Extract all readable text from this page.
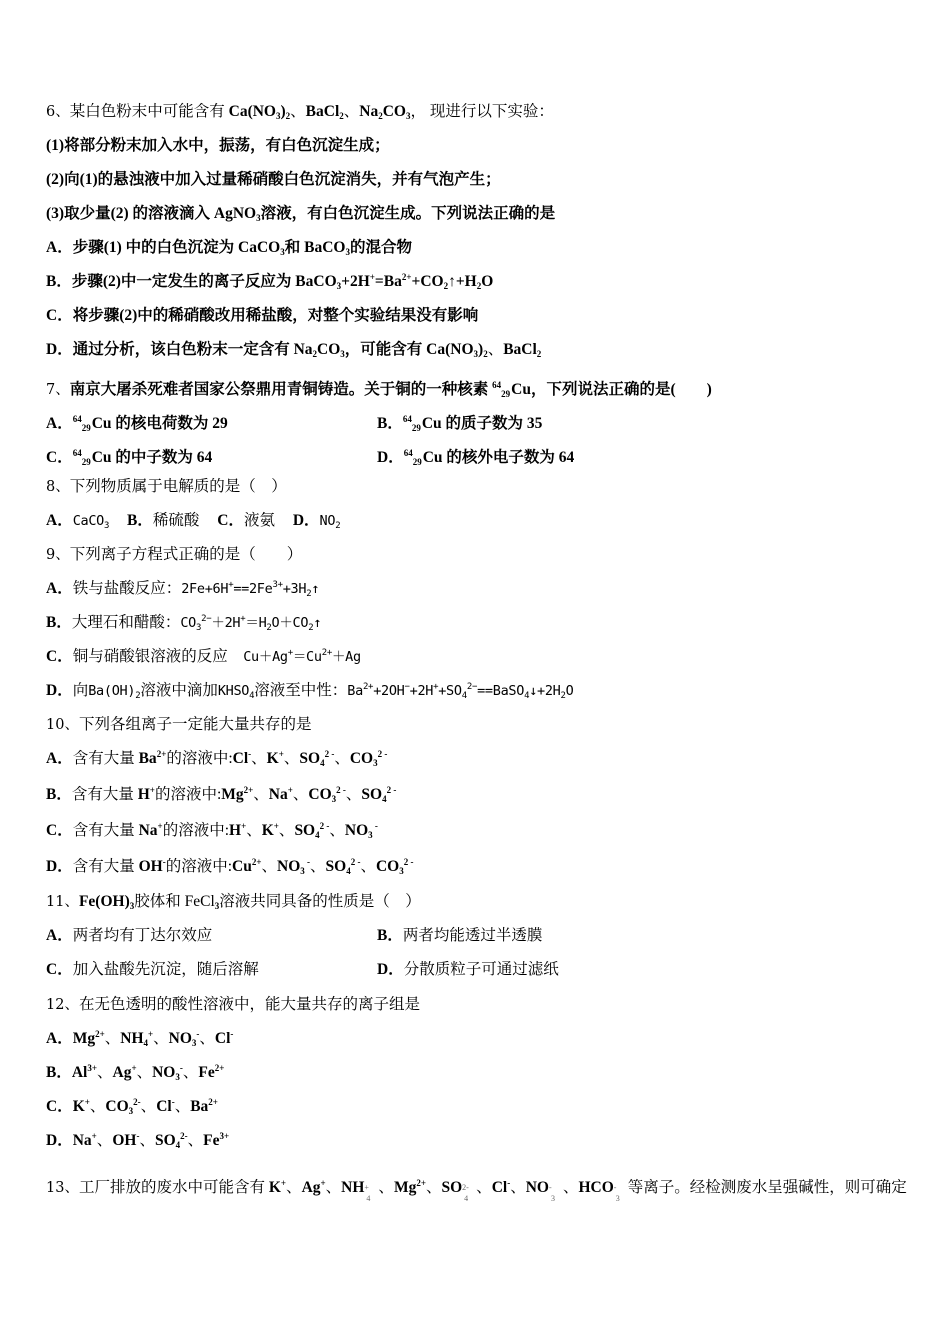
6、某白色粉末中可能含有 $Ca(NO_3)_2$、BaCl$_2$、$Na_2CO_3$， 现进行以下实验：
(1)将部分粉末加入水中，振荡，有白色沉淀生成；
(2)向(1)的悬浊液中加入过量稀硝酸白色沉淀消失，并有气泡产生；
(3)取少量(2) 的溶液滴入 AgNO$_3$溶液，有白色沉淀生成。下列说法正确的是
A．步骤(1) 中的白色沉淀为 CaCO$_3$和 BaCO$_3$的混合物
B．步骤(2)中一定发生的离子反应为 $BaCO_3+2H^+=Ba^{2+}+CO_2↑+H_2O$
C．将步骤(2)中的稀硝酸改用稀盐酸，对整个实验结果没有影响
D．通过分析，该白色粉末一定含有 $Na_2CO_3$，可能含有 $Ca(NO_3)_2$、BaCl$_2$
7、南京大屠杀死难者国家公祭鼎用青铜铸造。关于铜的一种核素 $^{64}$29Cu，下列说法正确的是(　　)
A．$^{64}$29Cu 的核电荷数为 29	B．$^{64}$29Cu 的质子数为 35
C．$^{64}$29Cu 的中子数为 64	D．$^{64}$29Cu 的核外电子数为 64
8、下列物质属于电解质的是（　）
A．CaCO$_3$ B．稀硫酸 C．液氨 D．$NO_2$
9、下列离子方程式正确的是（　　）
A．铁与盐酸反应：$2Fe+6H^+==2Fe^{3+}+3H_2↑$
B．大理石和醋酸：$CO_3^{2-}+2H^+=H_2O+CO_2↑$
C．铜与硝酸银溶液的反应　$Cu+Ag^+=Cu^{2+}+Ag$
D．向$Ba(OH)_2$溶液中滴加$KHSO_4$溶液至中性：$Ba^{2+}+2OH^-+2H^++SO_4^{2-}==BaSO_4↓+2H_2O$
10、下列各组离子一定能大量共存的是
A．含有大量 $Ba^{2+}$的溶液中:Cl-、K+、$SO_4^{2 -}$、$CO_3^{2 -}$
B．含有大量 H+的溶液中$:Mg^{2+}$、Na+、$CO_3^{2 -}$、$SO_4^{2 -}$
C．含有大量 Na+的溶液中:H+、K+、$SO_4^{2 -}$、$NO_3$ -
D．含有大量 OH-的溶液中$:Cu^{2+}$、$NO_3$ -、$SO_4^{2 -}$、$CO_3^{2 -}$
11、$Fe(OH)_3$胶体和 FeCl$_3$溶液共同具备的性质是（　）
A．两者均有丁达尔效应	B．两者均能透过半透膜
C．加入盐酸先沉淀，随后溶解	D．分散质粒子可通过滤纸
12、在无色透明的酸性溶液中，能大量共存的离子组是
A．$Mg^{2+}$、$NH_4^+$、$NO_3^-$、Cl-
B．$Al^{3+}$、Ag+、$NO_3^-$、$Fe^{2+}$
C．K+、$CO_3^{2-}$、Cl-、$Ba^{2+}$
D．Na+、OH-、$SO_4^{2-}$、$Fe^{3+}$
13、工厂排放的废水中可能含有 K+、Ag+、NH +
4
、$Mg^{2+}$、SO 2-
4
、Cl-、NO -
3
、HCO -
3
等离子。经检测废水呈强碱性，则可确定
